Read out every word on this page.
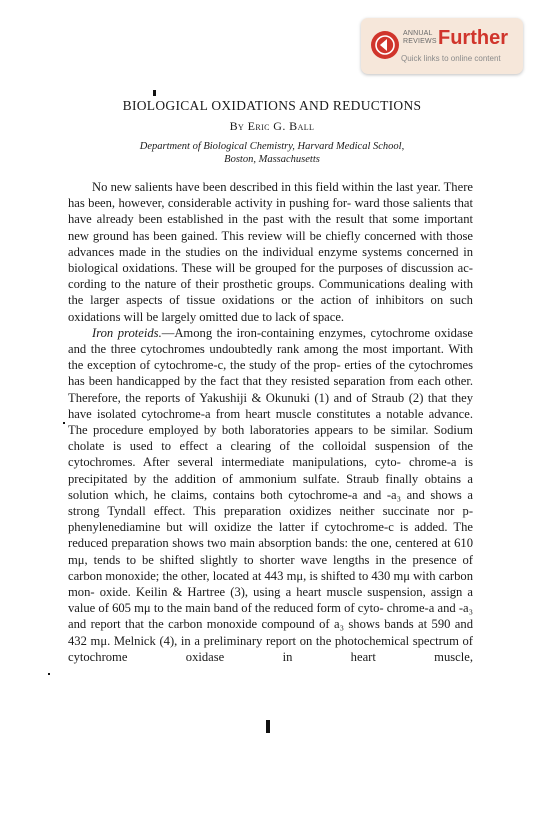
ANNUAL
REVIEWS Further
Quick links to online content
BIOLOGICAL OXIDATIONS AND REDUCTIONS
By Eric G. Ball
Department of Biological Chemistry, Harvard Medical School,
Boston, Massachusetts

No new salients have been described in this field within the last year. There has been, however, considerable activity in pushing for- ward those salients that have already been established in the past with the result that some important new ground has been gained. This review will be chiefly concerned with those advances made in the studies on the individual enzyme systems concerned in biological oxidations. These will be grouped for the purposes of discussion ac- cording to the nature of their prosthetic groups. Communications dealing with the larger aspects of tissue oxidations or the action of inhibitors on such oxidations will be largely omitted due to lack of space.

Iron proteids.—Among the iron-containing enzymes, cytochrome oxidase and the three cytochromes undoubtedly rank among the most important. With the exception of cytochrome-c, the study of the prop- erties of the cytochromes has been handicapped by the fact that they resisted separation from each other. Therefore, the reports of Yakushiji & Okunuki (1) and of Straub (2) that they have isolated cytochrome-a from heart muscle constitutes a notable advance. The procedure employed by both laboratories appears to be similar. Sodium cholate is used to effect a clearing of the colloidal suspension of the cytochromes. After several intermediate manipulations, cyto- chrome-a is precipitated by the addition of ammonium sulfate. Straub finally obtains a solution which, he claims, contains both cytochrome-a and -a₃ and shows a strong Tyndall effect. This preparation oxidizes neither succinate nor p-phenylenediamine but will oxidize the latter if cytochrome-c is added. The reduced preparation shows two main absorption bands: the one, centered at 610 mμ, tends to be shifted slightly to shorter wave lengths in the presence of carbon monoxide; the other, located at 443 mμ, is shifted to 430 mμ with carbon mon- oxide. Keilin & Hartree (3), using a heart muscle suspension, assign a value of 605 mμ to the main band of the reduced form of cyto- chrome-a and -a₃ and report that the carbon monoxide compound of a₃ shows bands at 590 and 432 mμ. Melnick (4), in a preliminary report on the photochemical spectrum of cytochrome oxidase in heart muscle,
